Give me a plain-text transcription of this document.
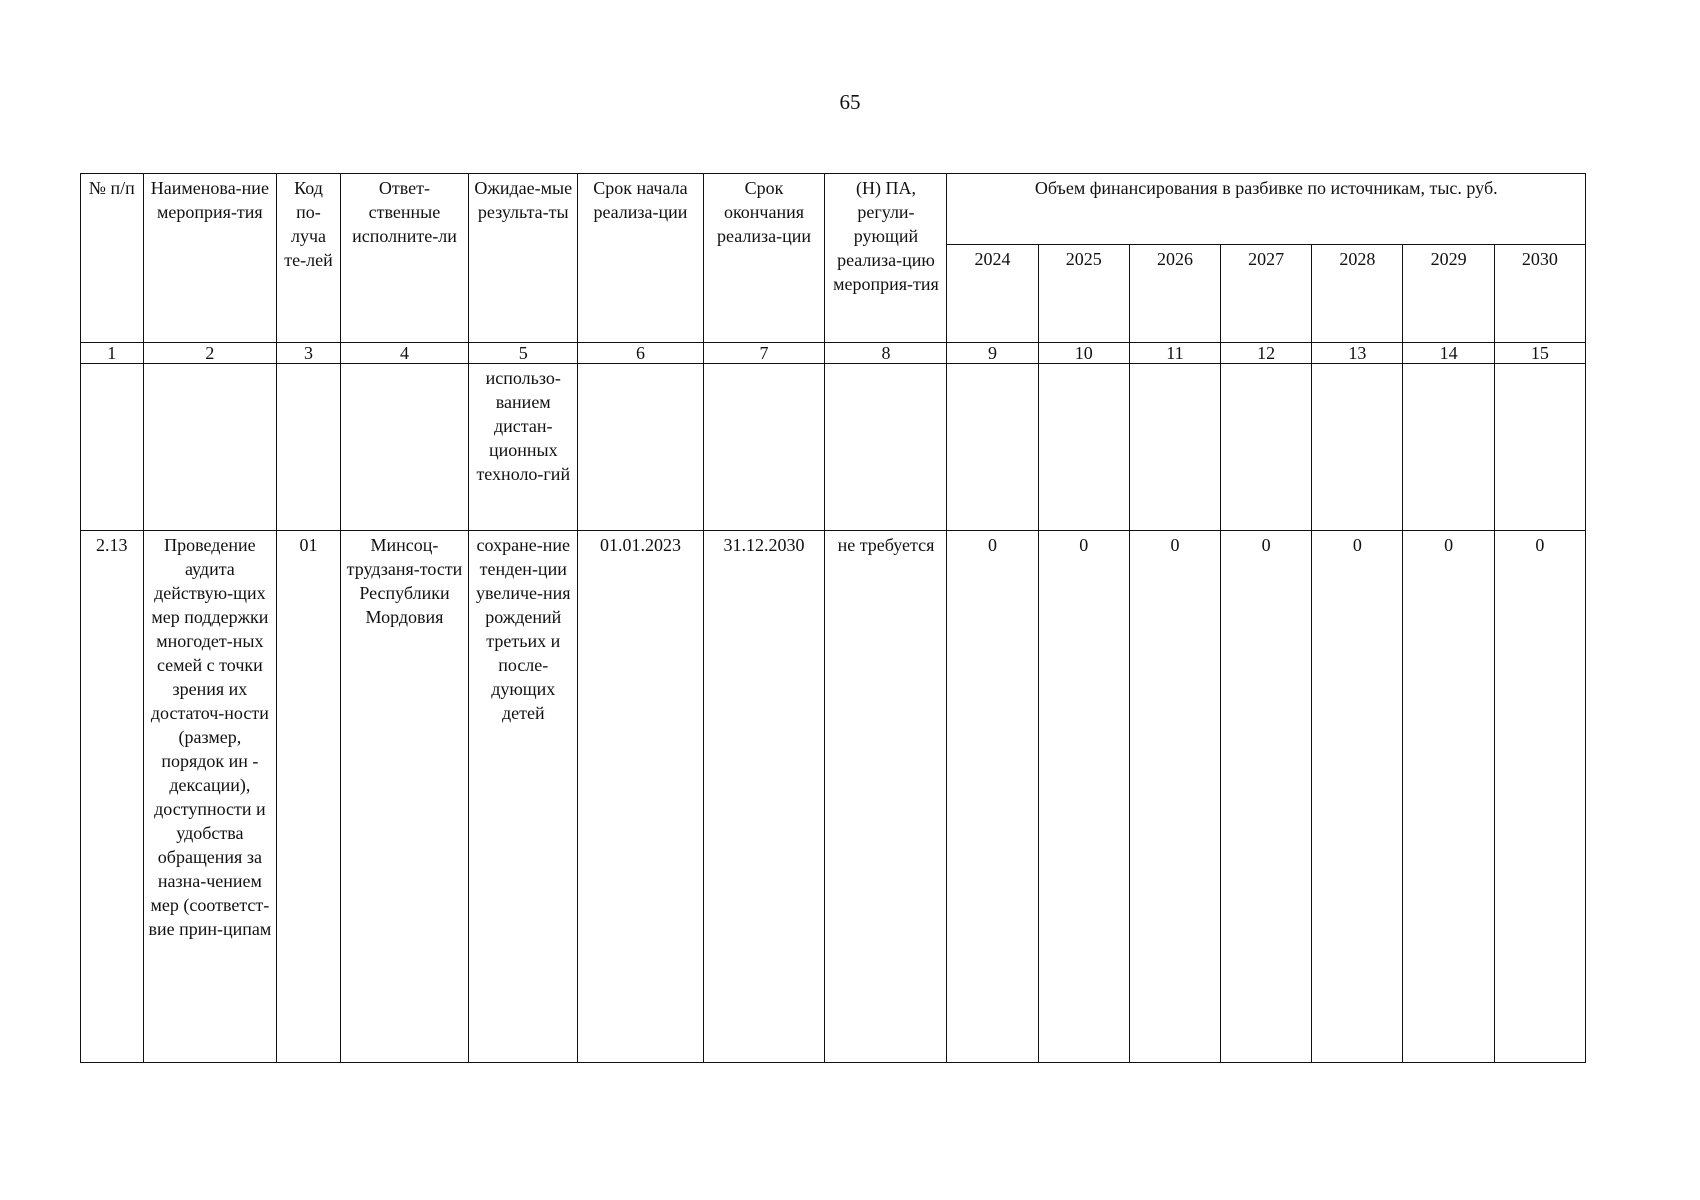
65
№ п/п	Наименова-ние мероприя-тия	Код по-луча те-лей	Ответ-ственные исполните-ли	Ожидае-мые результа-ты	Срок начала реализа-ции	Срок окончания реализа-ции	(Н) ПА, регули-рующий реализа-цию мероприя-тия	Объем финансирования в разбивке по источникам, тыс. руб.						
								2024	2025	2026	2027	2028	2029	2030
1	2	3	4	5	6	7	8	9	10	11	12	13	14	15
				использо-ванием дистан-ционных техноло-гий										
2.13	Проведение аудита действую-щих мер поддержки многодет-ных семей с точки зрения их достаточ-ности (размер, порядок ин - дексации), доступности и удобства обращения за назна-чением мер (соответст-вие прин-ципам	01	Минсоц-трудзаня-тости Республики Мордовия	сохране-ние тенден-ции увеличе-ния рождений третьих и после-дующих детей	01.01.2023	31.12.2030	не требуется	0	0	0	0	0	0	0
